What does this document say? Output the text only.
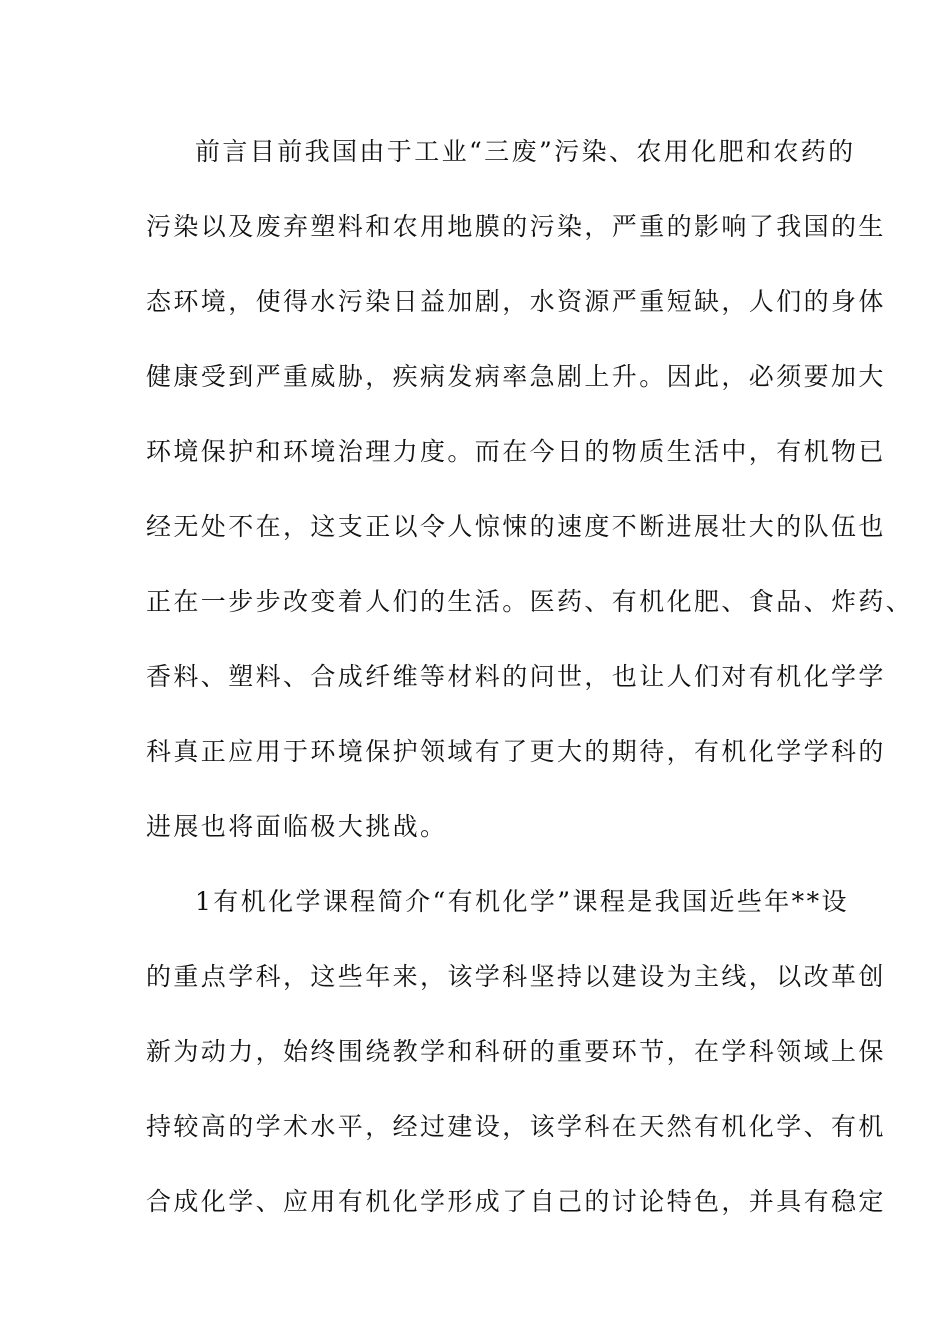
前言目前我国由于工业“三废”污染、农用化肥和农药的
污染以及废弃塑料和农用地膜的污染，严重的影响了我国的生
态环境，使得水污染日益加剧，水资源严重短缺，人们的身体
健康受到严重威胁，疾病发病率急剧上升。因此，必须要加大
环境保护和环境治理力度。而在今日的物质生活中，有机物已
经无处不在，这支正以令人惊悚的速度不断进展壮大的队伍也
正在一步步改变着人们的生活。医药、有机化肥、食品、炸药、
香料、塑料、合成纤维等材料的问世，也让人们对有机化学学
科真正应用于环境保护领域有了更大的期待，有机化学学科的
进展也将面临极大挑战。
1有机化学课程简介“有机化学”课程是我国近些年**设
的重点学科，这些年来，该学科坚持以建设为主线，以改革创
新为动力，始终围绕教学和科研的重要环节，在学科领域上保
持较高的学术水平，经过建设，该学科在天然有机化学、有机
合成化学、应用有机化学形成了自己的讨论特色，并具有稳定
